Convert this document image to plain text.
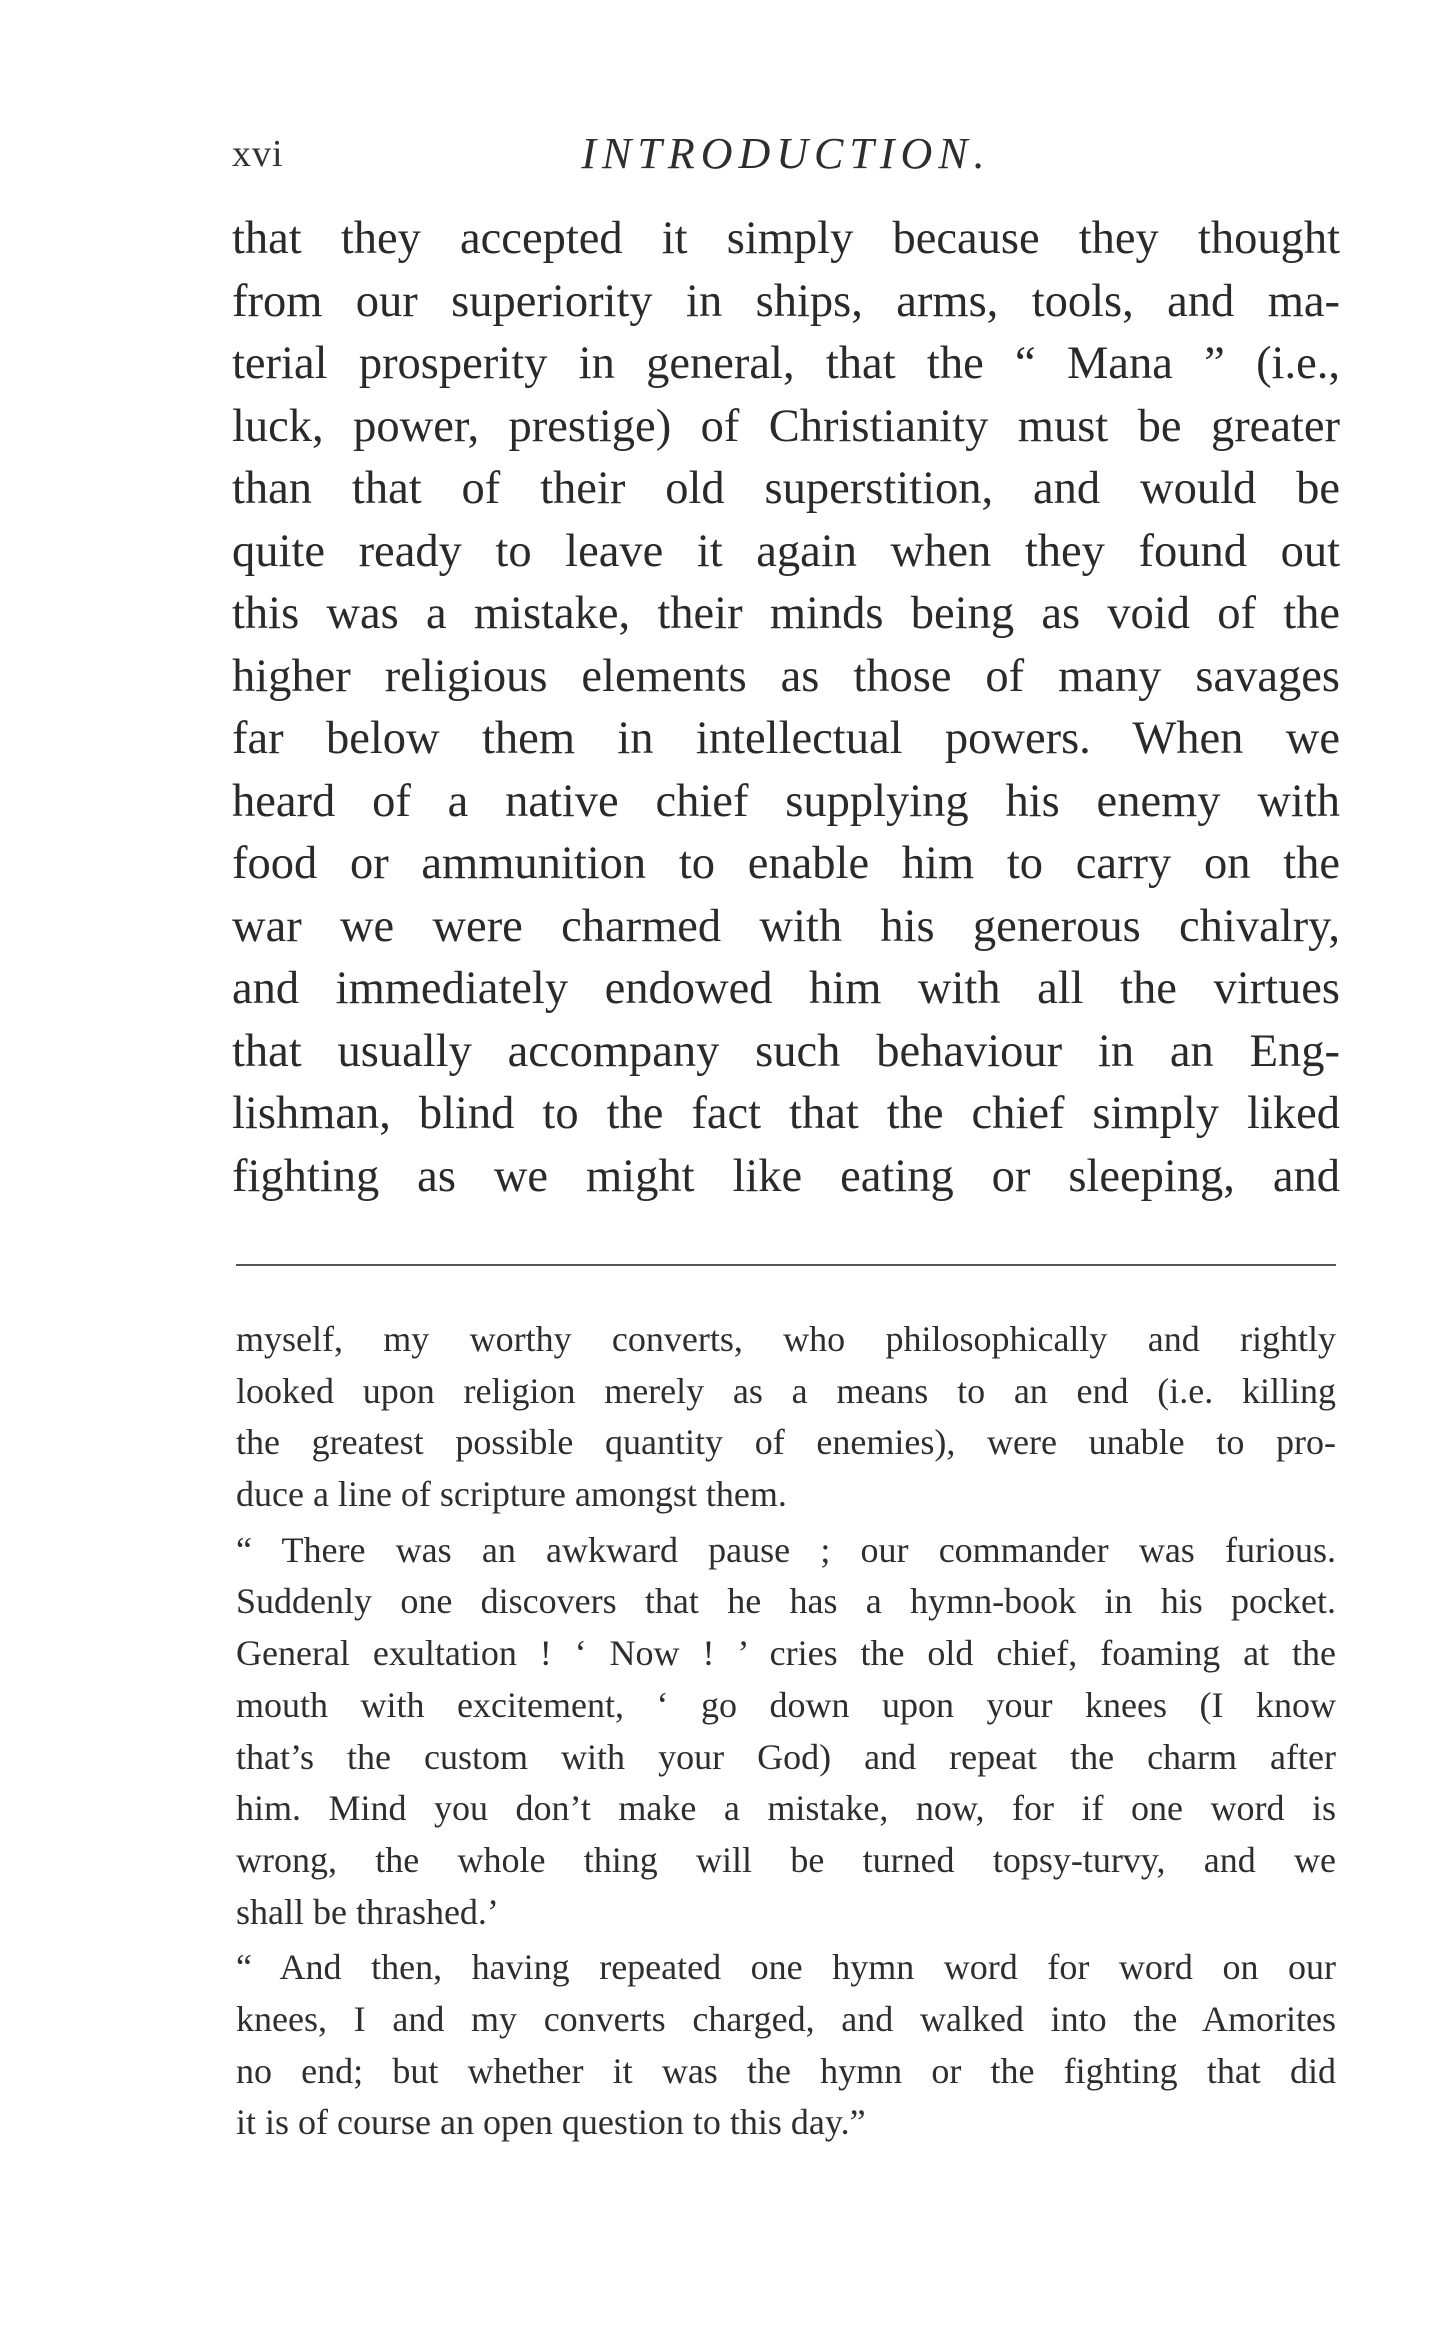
xvi	INTRODUCTION.
that they accepted it simply because they thought
from our superiority in ships, arms, tools, and ma-
terial prosperity in general, that the “ Mana ” (i.e.,
luck, power, prestige) of Christianity must be greater
than that of their old superstition, and would be
quite ready to leave it again when they found out
this was a mistake, their minds being as void of the
higher religious elements as those of many savages
far below them in intellectual powers. When we
heard of a native chief supplying his enemy with
food or ammunition to enable him to carry on the
war we were charmed with his generous chivalry,
and immediately endowed him with all the virtues
that usually accompany such behaviour in an Eng-
lishman, blind to the fact that the chief simply liked
fighting as we might like eating or sleeping, and
myself, my worthy converts, who philosophically and rightly
looked upon religion merely as a means to an end (i.e. killing
the greatest possible quantity of enemies), were unable to pro-
duce a line of scripture amongst them.
“ There was an awkward pause ; our commander was furious.
Suddenly one discovers that he has a hymn-book in his pocket.
General exultation ! ‘ Now ! ’ cries the old chief, foaming at the
mouth with excitement, ‘ go down upon your knees (I know
that’s the custom with your God) and repeat the charm after
him. Mind you don’t make a mistake, now, for if one word is
wrong, the whole thing will be turned topsy-turvy, and we
shall be thrashed.’
“ And then, having repeated one hymn word for word on our
knees, I and my converts charged, and walked into the Amorites
no end; but whether it was the hymn or the fighting that did
it is of course an open question to this day.”
